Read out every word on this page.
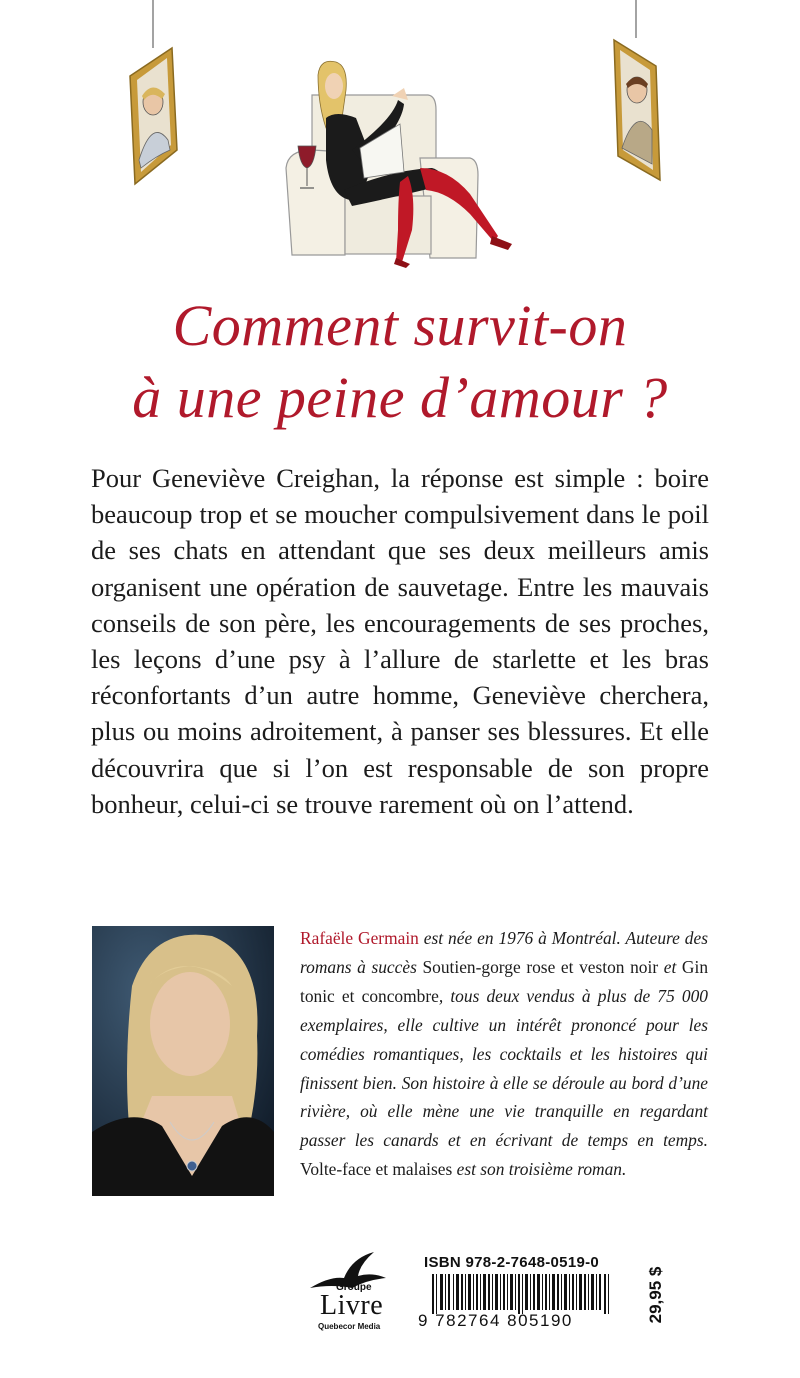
Comment survit-on
à une peine d’amour ?

Pour Geneviève Creighan, la réponse est simple : boire beaucoup trop et se moucher compulsivement dans le poil de ses chats en attendant que ses deux meilleurs amis organisent une opération de sauvetage. Entre les mauvais conseils de son père, les encouragements de ses proches, les leçons d’une psy à l’allure de starlette et les bras réconfortants d’un autre homme, Geneviève cherchera, plus ou moins adroitement, à panser ses blessures. Et elle découvrira que si l’on est responsable de son propre bonheur, celui-ci se trouve rarement où on l’attend.

Rafaële Germain est née en 1976 à Montréal. Auteure des romans à succès Soutien-gorge rose et veston noir et Gin tonic et concombre, tous deux vendus à plus de 75 000 exemplaires, elle cultive un intérêt prononcé pour les comédies romantiques, les cocktails et les histoires qui finissent bien. Son histoire à elle se déroule au bord d’une rivière, où elle mène une vie tranquille en regardant passer les canards et en écrivant de temps en temps. Volte-face et malaises est son troisième roman.

Groupe
Livre
Quebecor Media
ISBN 978-2-7648-0519-0
9 782764 805190	29,95 $
